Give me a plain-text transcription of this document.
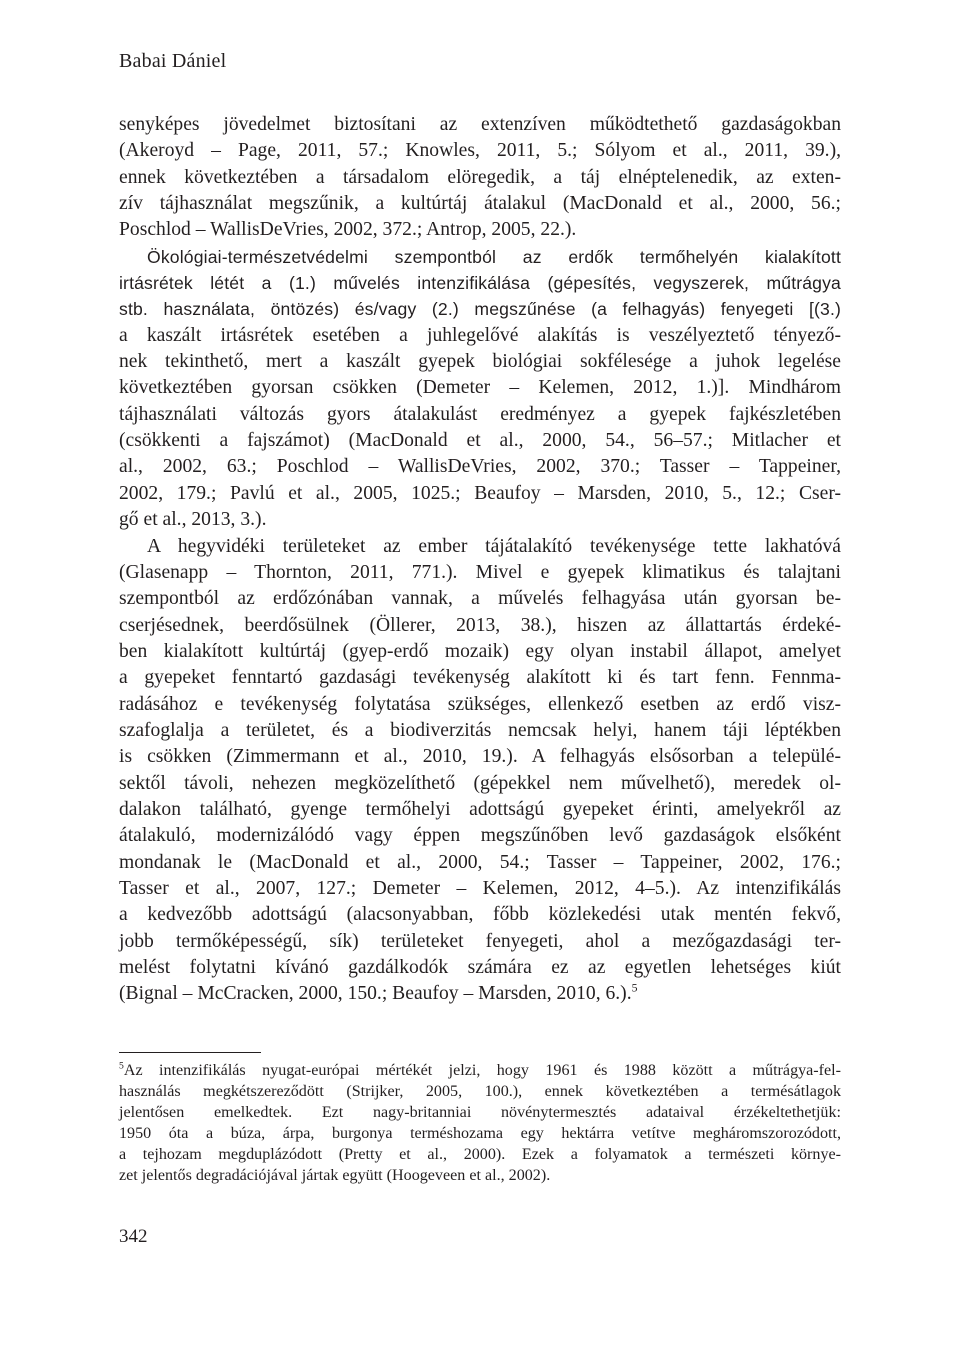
Babai Dániel
senyképes jövedelmet biztosítani az extenzíven működtethető gazdaságokban
(Akeroyd – Page, 2011, 57.; Knowles, 2011, 5.; Sólyom et al., 2011, 39.),
ennek következtében a társadalom elöregedik, a táj elnéptelenedik, az exten-
zív tájhasználat megszűnik, a kultúrtáj átalakul (MacDonald et al., 2000, 56.;
Poschlod – WallisDeVries, 2002, 372.; Antrop, 2005, 22.).
Ökológiai-természetvédelmi szempontból az erdők termőhelyén kialakított
irtásrétek létét a (1.) művelés intenzifikálása (gépesítés, vegyszerek, műtrágya
stb. használata, öntözés) és/vagy (2.) megszűnése (a felhagyás) fenyegeti [(3.)
a kaszált irtásrétek esetében a juhlegelővé alakítás is veszélyeztető tényező-
nek tekinthető, mert a kaszált gyepek biológiai sokfélesége a juhok legelése
következtében gyorsan csökken (Demeter – Kelemen, 2012, 1.)]. Mindhárom
tájhasználati változás gyors átalakulást eredményez a gyepek fajkészletében
(csökkenti a fajszámot) (MacDonald et al., 2000, 54., 56–57.; Mitlacher et
al., 2002, 63.; Poschlod – WallisDeVries, 2002, 370.; Tasser – Tappeiner,
2002, 179.; Pavlú et al., 2005, 1025.; Beaufoy – Marsden, 2010, 5., 12.; Cser-
gő et al., 2013, 3.).
A hegyvidéki területeket az ember tájátalakító tevékenysége tette lakhatóvá
(Glasenapp – Thornton, 2011, 771.). Mivel e gyepek klimatikus és talajtani
szempontból az erdőzónában vannak, a művelés felhagyása után gyorsan be-
cserjésednek, beerdősülnek (Öllerer, 2013, 38.), hiszen az állattartás érdeké-
ben kialakított kultúrtáj (gyep-erdő mozaik) egy olyan instabil állapot, amelyet
a gyepeket fenntartó gazdasági tevékenység alakított ki és tart fenn. Fennma-
radásához e tevékenység folytatása szükséges, ellenkező esetben az erdő visz-
szafoglalja a területet, és a biodiverzitás nemcsak helyi, hanem táji léptékben
is csökken (Zimmermann et al., 2010, 19.). A felhagyás elsősorban a települé-
sektől távoli, nehezen megközelíthető (gépekkel nem művelhető), meredek ol-
dalakon található, gyenge termőhelyi adottságú gyepeket érinti, amelyekről az
átalakuló, modernizálódó vagy éppen megszűnőben levő gazdaságok elsőként
mondanak le (MacDonald et al., 2000, 54.; Tasser – Tappeiner, 2002, 176.;
Tasser et al., 2007, 127.; Demeter – Kelemen, 2012, 4–5.). Az intenzifikálás
a kedvezőbb adottságú (alacsonyabban, főbb közlekedési utak mentén fekvő,
jobb termőképességű, sík) területeket fenyegeti, ahol a mezőgazdasági ter-
melést folytatni kívánó gazdálkodók számára ez az egyetlen lehetséges kiút
(Bignal – McCracken, 2000, 150.; Beaufoy – Marsden, 2010, 6.).$^5$
$^5$Az intenzifikálás nyugat-európai mértékét jelzi, hogy 1961 és 1988 között a műtrágya-fel-
használás megkétszereződött (Strijker, 2005, 100.), ennek következtében a termésátlagok
jelentősen emelkedtek. Ezt nagy-britanniai növénytermesztés adataival érzékeltethetjük:
1950 óta a búza, árpa, burgonya terméshozama egy hektárra vetítve megháromszorozódott,
a tejhozam megduplázódott (Pretty et al., 2000). Ezek a folyamatok a természeti környe-
zet jelentős degradációjával jártak együtt (Hoogeveen et al., 2002).
342
